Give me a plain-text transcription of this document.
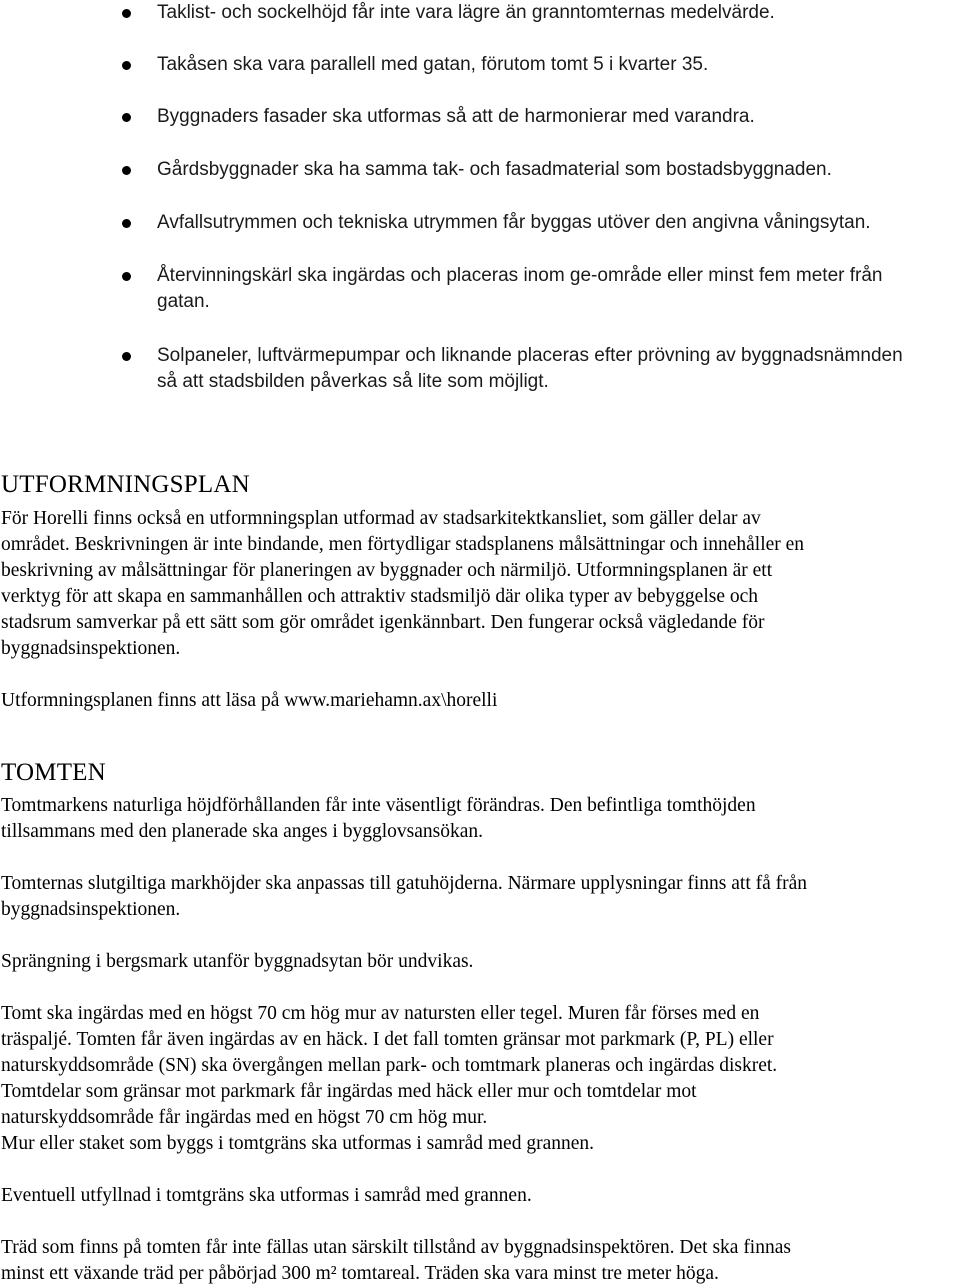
Taklist- och sockelhöjd får inte vara lägre än granntomternas medelvärde.
Takåsen ska vara parallell med gatan, förutom tomt 5 i kvarter 35.
Byggnaders fasader ska utformas så att de harmonierar med varandra.
Gårdsbyggnader ska ha samma tak- och fasadmaterial som bostadsbyggnaden.
Avfallsutrymmen och tekniska utrymmen får byggas utöver den angivna våningsytan.
Återvinningskärl ska ingärdas och placeras inom ge-område eller minst fem meter från
gatan.
Solpaneler, luftvärmepumpar och liknande placeras efter prövning av byggnadsnämnden
så att stadsbilden påverkas så lite som möjligt.
UTFORMNINGSPLAN

För Horelli finns också en utformningsplan utformad av stadsarkitektkansliet, som gäller delar av
området. Beskrivningen är inte bindande, men förtydligar stadsplanens målsättningar och innehåller en
beskrivning av målsättningar för planeringen av byggnader och närmiljö. Utformningsplanen är ett
verktyg för att skapa en sammanhållen och attraktiv stadsmiljö där olika typer av bebyggelse och
stadsrum samverkar på ett sätt som gör området igenkännbart. Den fungerar också vägledande för
byggnadsinspektionen.

Utformningsplanen finns att läsa på www.mariehamn.ax\horelli

TOMTEN

Tomtmarkens naturliga höjdförhållanden får inte väsentligt förändras. Den befintliga tomthöjden
tillsammans med den planerade ska anges i bygglovsansökan.

Tomternas slutgiltiga markhöjder ska anpassas till gatuhöjderna. Närmare upplysningar finns att få från
byggnadsinspektionen.

Sprängning i bergsmark utanför byggnadsytan bör undvikas.

Tomt ska ingärdas med en högst 70 cm hög mur av natursten eller tegel. Muren får förses med en
träspaljé. Tomten får även ingärdas av en häck. I det fall tomten gränsar mot parkmark (P, PL) eller
naturskyddsområde (SN) ska övergången mellan park- och tomtmark planeras och ingärdas diskret.
Tomtdelar som gränsar mot parkmark får ingärdas med häck eller mur och tomtdelar mot
naturskyddsområde får ingärdas med en högst 70 cm hög mur.
Mur eller staket som byggs i tomtgräns ska utformas i samråd med grannen.

Eventuell utfyllnad i tomtgräns ska utformas i samråd med grannen.

Träd som finns på tomten får inte fällas utan särskilt tillstånd av byggnadsinspektören. Det ska finnas
minst ett växande träd per påbörjad 300 m² tomtareal. Träden ska vara minst tre meter höga.
